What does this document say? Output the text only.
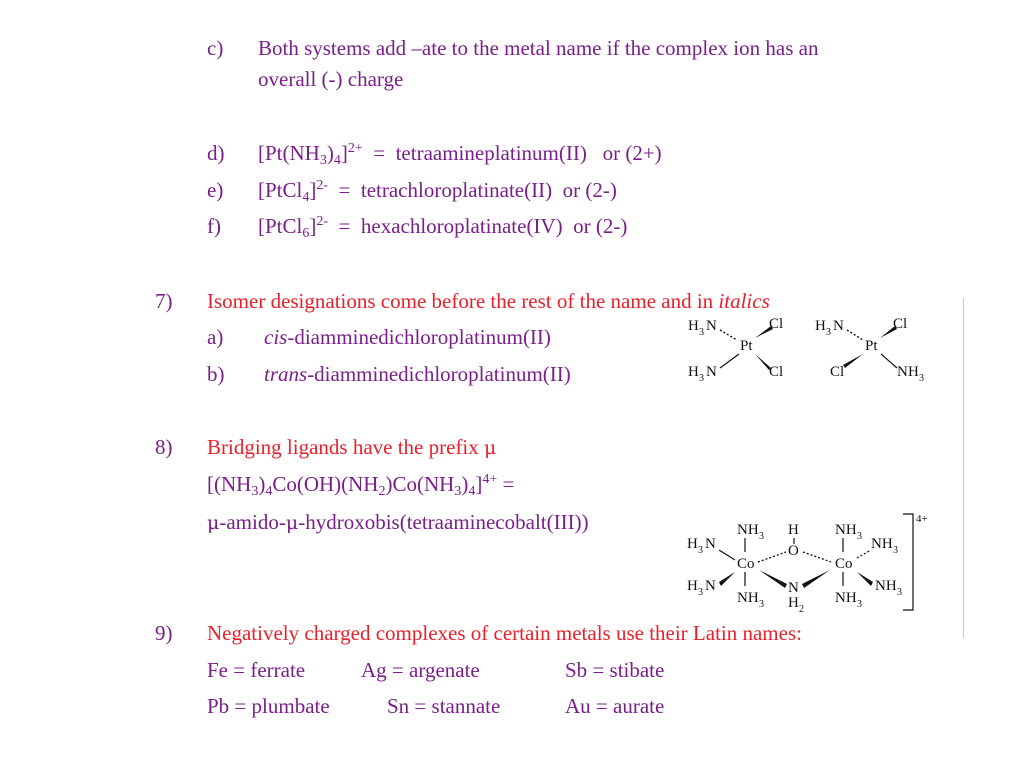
c) Both systems add –ate to the metal name if the complex ion has an
overall (-) charge
d) $[Pt(NH_3)_4]^{2+}$  =  tetraamineplatinum(II)   or (2+)
e) [PtCl$_4$]$^{2-}$  =  tetrachloroplatinate(II)  or (2-)
f) [PtCl$_6$]$^{2-}$  =  hexachloroplatinate(IV)  or (2-)
7) Isomer designations come before the rest of the name and in italics
a) cis-diamminedichloroplatinum(II)
b) trans-diamminedichloroplatinum(II)
H 3 N
Pt
Cl
H 3 N	Cl
H 3 N
Pt
Cl
Cl	N H 3
8) Bridging ligands have the prefix μ
$[(NH_3)_4Co(OH)(NH_2)Co(NH_3)_4]^{4+}$ =
μ-amido-μ-hydroxobis(tetraaminecobalt(III))	NH 3
Co
NH 3
H 3 N
H 3 N
H
O
N
H 2
NH 3
Co
NH 3
NH 3
NH 3
4+
9) Negatively charged complexes of certain metals use their Latin names:
Fe = ferrate	Ag = argenate	Sb = stibate
Pb = plumbate	Sn = stannate	Au = aurate
